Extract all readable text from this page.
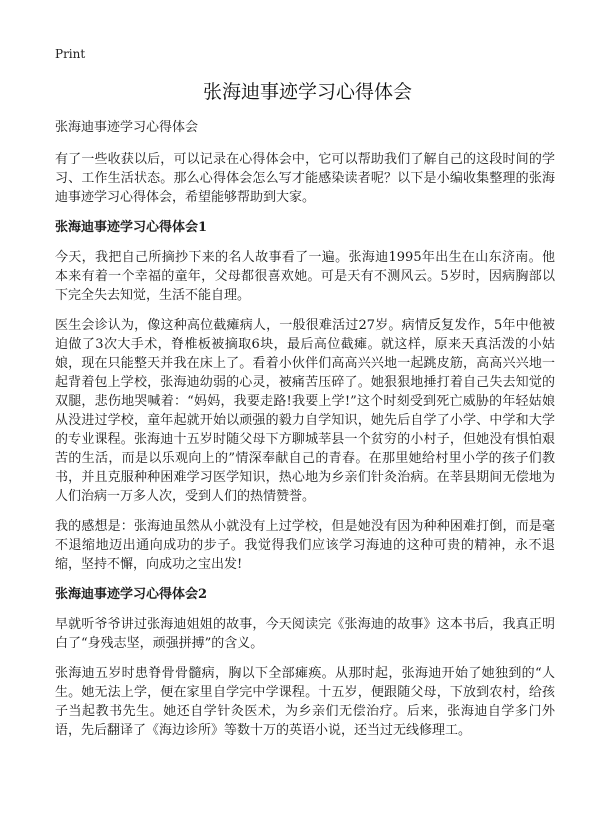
Print
张海迪事迹学习心得体会
张海迪事迹学习心得体会

有了一些收获以后，可以记录在心得体会中，它可以帮助我们了解自己的这段时间的学习、工作生活状态。那么心得体会怎么写才能感染读者呢？以下是小编收集整理的张海迪事迹学习心得体会，希望能够帮助到大家。

张海迪事迹学习心得体会1

今天，我把自己所摘抄下来的名人故事看了一遍。张海迪1995年出生在山东济南。他本来有着一个幸福的童年，父母都很喜欢她。可是天有不测风云。5岁时，因病胸部以下完全失去知觉，生活不能自理。

医生会诊认为，像这种高位截瘫病人，一般很难活过27岁。病情反复发作，5年中他被迫做了3次大手术，脊椎板被摘取6块，最后高位截瘫。就这样，原来天真活泼的小姑娘，现在只能整天并我在床上了。看着小伙伴们高高兴兴地一起跳皮筋，高高兴兴地一起背着包上学校，张海迪幼弱的心灵，被痛苦压碎了。她狠狠地捶打着自己失去知觉的双腿，悲伤地哭喊着：“妈妈，我要走路!我要上学!”这个时刻受到死亡威胁的年轻姑娘从没进过学校，童年起就开始以顽强的毅力自学知识，她先后自学了小学、中学和大学的专业课程。张海迪十五岁时随父母下方聊城莘县一个贫穷的小村子，但她没有惧怕艰苦的生活，而是以乐观向上的”情深奉献自己的青春。在那里她给村里小学的孩子们教书，并且克服种种困难学习医学知识，热心地为乡亲们针灸治病。在莘县期间无偿地为人们治病一万多人次，受到人们的热情赞誉。

我的感想是：张海迪虽然从小就没有上过学校，但是她没有因为种种困难打倒，而是毫不退缩地迈出通向成功的步子。我觉得我们应该学习海迪的这种可贵的精神，永不退缩，坚持不懈，向成功之宝出发!

张海迪事迹学习心得体会2

早就听爷爷讲过张海迪姐姐的故事，今天阅读完《张海迪的故事》这本书后，我真正明白了“身残志坚，顽强拼搏”的含义。

张海迪五岁时患脊骨骨髓病，胸以下全部瘫痪。从那时起，张海迪开始了她独到的“人生。她无法上学，便在家里自学完中学课程。十五岁，便跟随父母，下放到农村，给孩子当起教书先生。她还自学针灸医术，为乡亲们无偿治疗。后来，张海迪自学多门外语，先后翻译了《海边诊所》等数十万的英语小说，还当过无线修理工。
